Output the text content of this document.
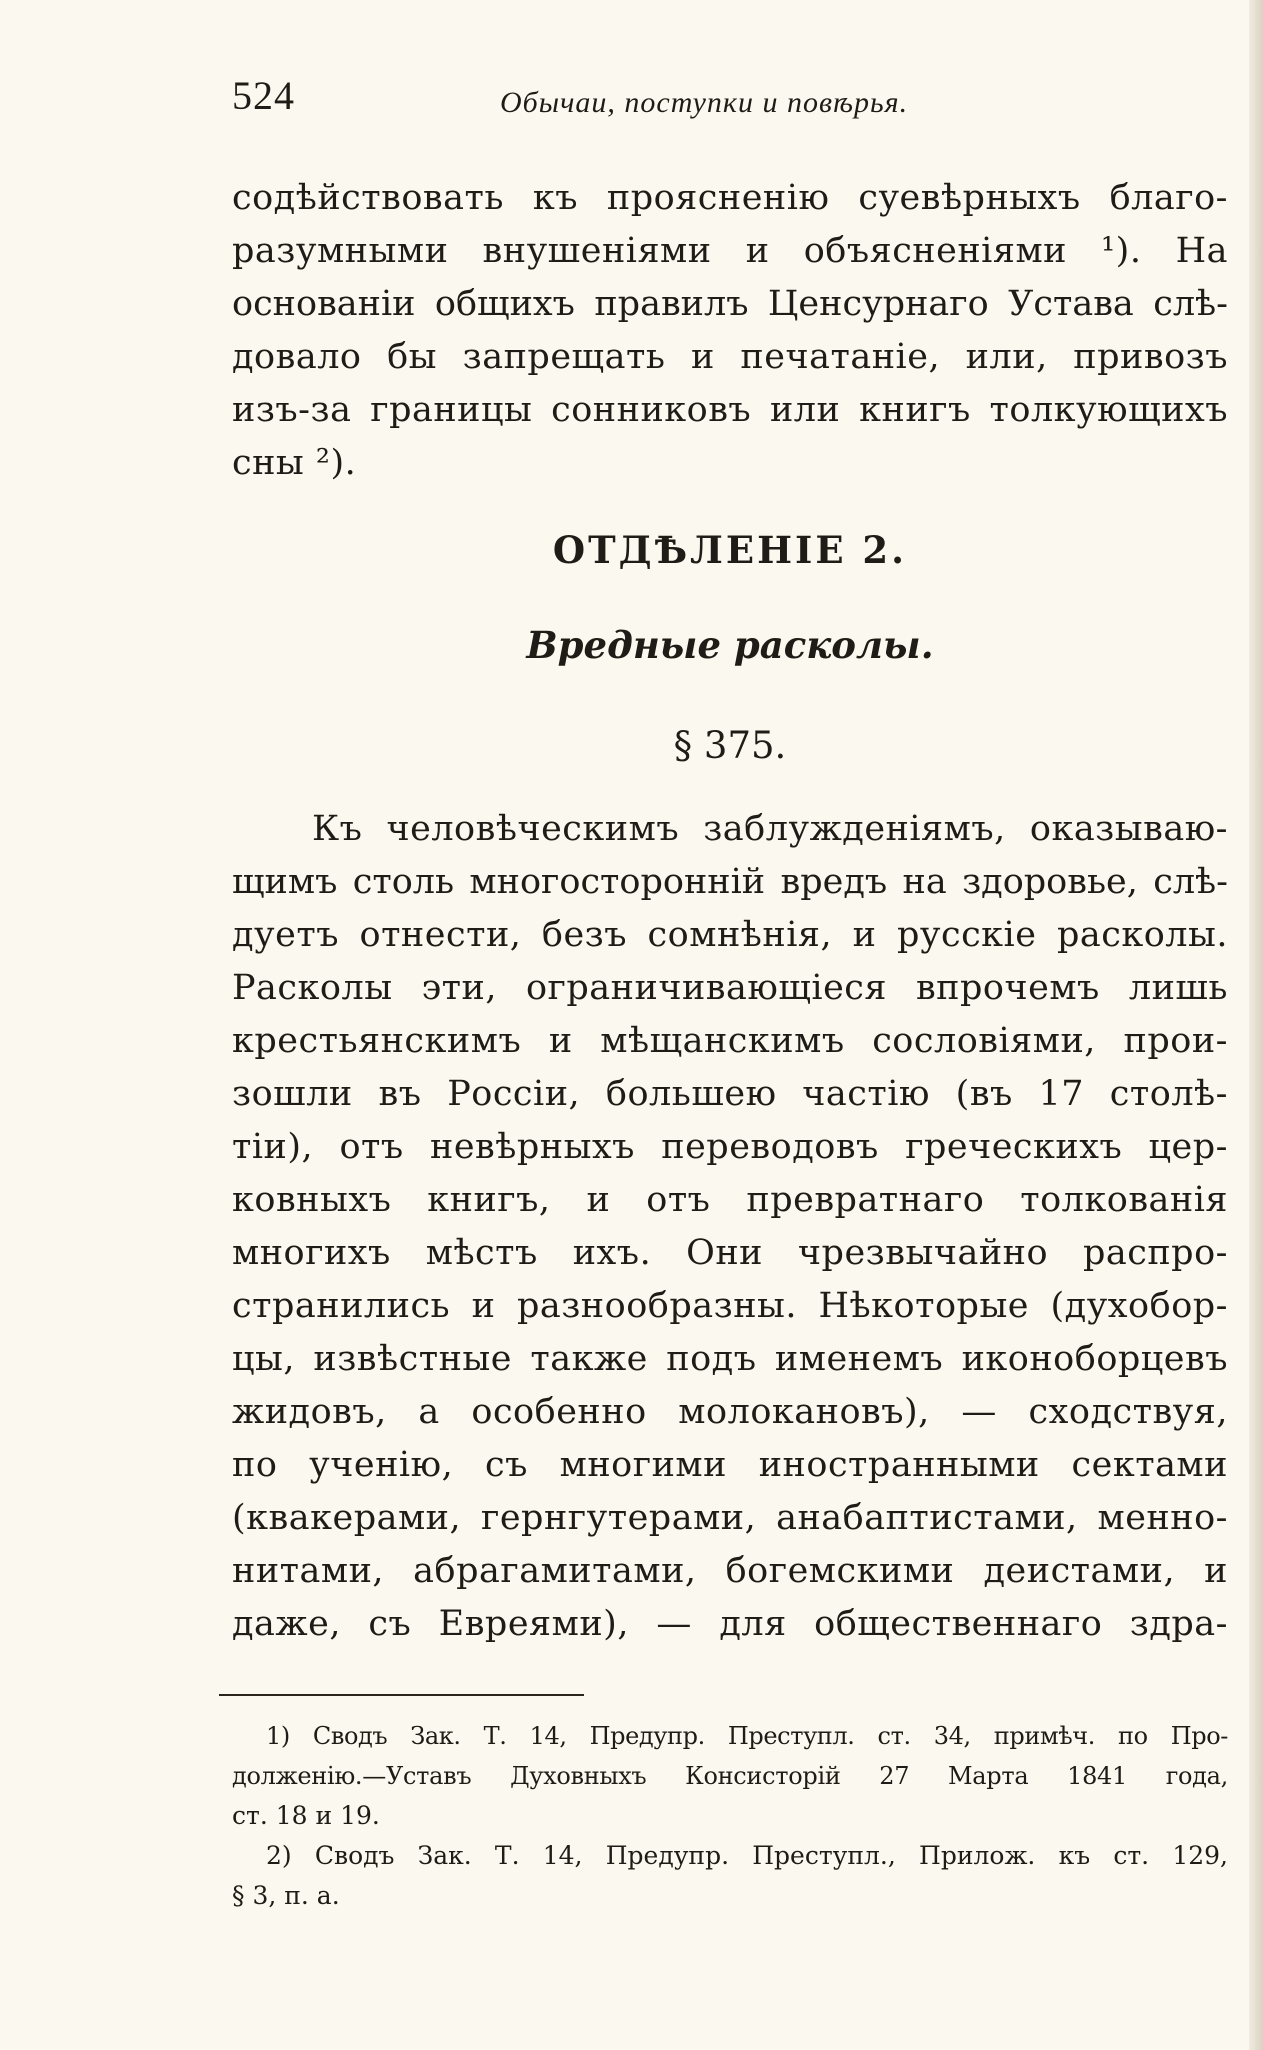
524	Обычаи, поступки и повѣрья.
содѣйствовать къ проясненію суевѣрныхъ благо-
разумными внушеніями и объясненіями ¹). На
основаніи общихъ правилъ Ценсурнаго Устава слѣ-
довало бы запрещать и печатаніе, или, привозъ
изъ-за границы сонниковъ или книгъ толкующихъ
сны ²).
ОТДѢЛЕНІЕ 2.
Вредные расколы.
§ 375.
Къ человѣческимъ заблужденіямъ, оказываю-
щимъ столь многосторонній вредъ на здоровье, слѣ-
дуетъ отнести, безъ сомнѣнія, и русскіе расколы.
Расколы эти, ограничивающіеся впрочемъ лишь
крестьянскимъ и мѣщанскимъ сословіями, прои-
зошли въ Россіи, большею частію (въ 17 столѣ-
тіи), отъ невѣрныхъ переводовъ греческихъ цер-
ковныхъ книгъ, и отъ превратнаго толкованія
многихъ мѣстъ ихъ. Они чрезвычайно распро-
странились и разнообразны. Нѣкоторые (духобор-
цы, извѣстные также подъ именемъ иконоборцевъ
жидовъ, а особенно молокановъ), — сходствуя,
по ученію, съ многими иностранными сектами
(квакерами, гернгутерами, анабаптистами, менно-
нитами, абрагамитами, богемскими деистами, и
даже, съ Евреями), — для общественнаго здра-
1) Сводъ Зак. Т. 14, Предупр. Преступл. ст. 34, примѣч. по Про-
долженію.—Уставъ Духовныхъ Консисторій 27 Марта 1841 года,
ст. 18 и 19.
2) Сводъ Зак. Т. 14, Предупр. Преступл., Прилож. къ ст. 129,
§ 3, п. а.
